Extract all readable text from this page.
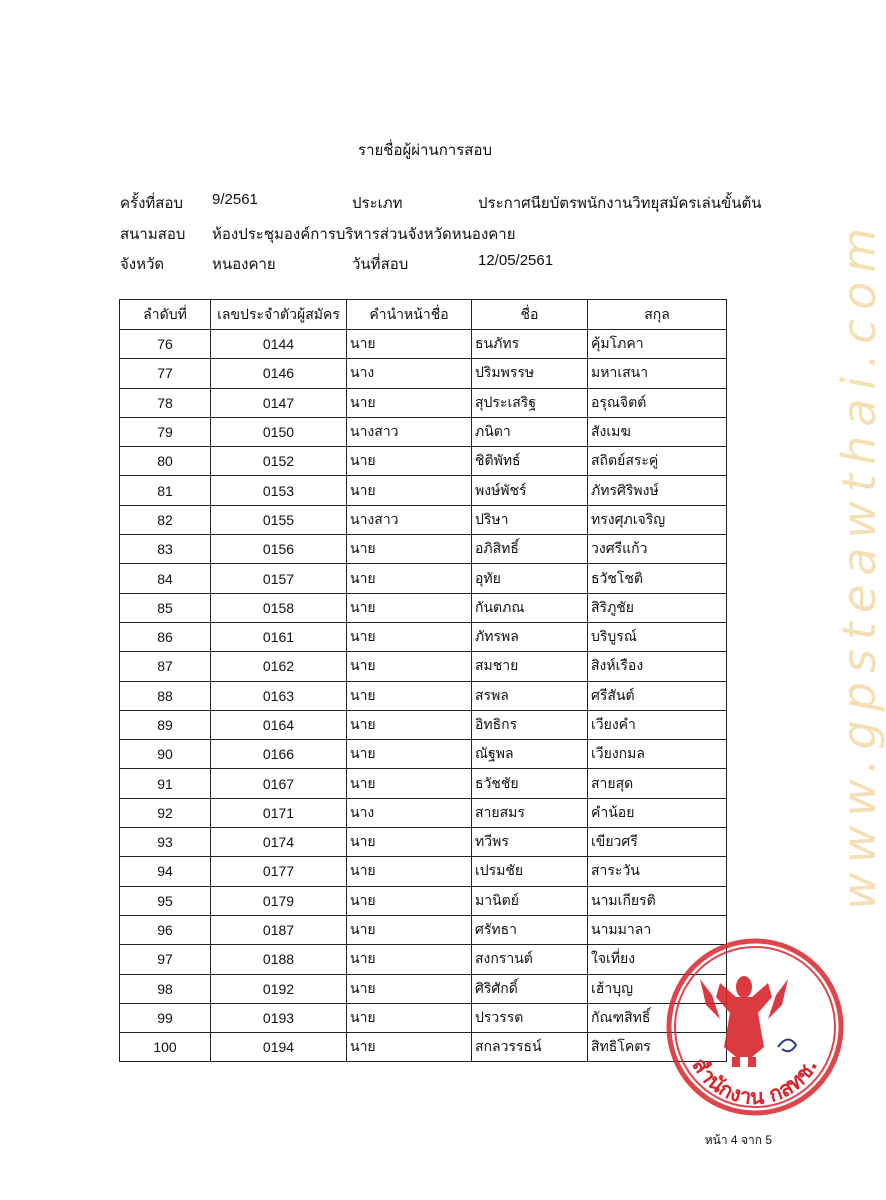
รายชื่อผู้ผ่านการสอบ
ครั้งที่สอบ 9/2561	ประเภท	ประกาศนียบัตรพนักงานวิทยุสมัครเล่นขั้นต้น
สนามสอบ ห้องประชุมองค์การบริหารส่วนจังหวัดหนองคาย
จังหวัด	หนองคาย	วันที่สอบ	12/05/2561
ลำดับที่	เลขประจำตัวผู้สมัคร	คำนำหน้าชื่อ	ชื่อ	สกุล
76	0144	นาย	ธนภัทร	คุ้มโภคา
77	0146	นาง	ปริมพรรษ	มหาเสนา
78	0147	นาย	สุประเสริฐ	อรุณจิตต์
79	0150	นางสาว	ภนิตา	สังเมฆ
80	0152	นาย	ชิติพัทธ์	สถิตย์สระคู่
81	0153	นาย	พงษ์พัชร์	ภัทรศิริพงษ์
82	0155	นางสาว	ปริษา	ทรงศุภเจริญ
83	0156	นาย	อภิสิทธิ์	วงศรีแก้ว
84	0157	นาย	อุทัย	ธวัชโชติ
85	0158	นาย	กันตภณ	สิริภูชัย
86	0161	นาย	ภัทรพล	บริบูรณ์
87	0162	นาย	สมชาย	สิงห์เรือง
88	0163	นาย	สรพล	ศรีสันต์
89	0164	นาย	อิทธิกร	เวียงคำ
90	0166	นาย	ณัฐพล	เวียงกมล
91	0167	นาย	ธวัชชัย	สายสุด
92	0171	นาง	สายสมร	คำน้อย
93	0174	นาย	ทวีพร	เขียวศรี
94	0177	นาย	เปรมชัย	สาระวัน
95	0179	นาย	มานิตย์	นามเกียรติ
96	0187	นาย	ศรัทธา	นามมาลา
97	0188	นาย	สงกรานต์	ใจเที่ยง
98	0192	นาย	ศิริศักดิ์	เฮ้าบุญ
99	0193	นาย	ปรวรรต	กัณฑสิทธิ์
100	0194	นาย	สกลวรรธน์	สิทธิโคตร
www.gpsteawthai.com
สำนักงาน กสทช.
หน้า 4 จาก 5
